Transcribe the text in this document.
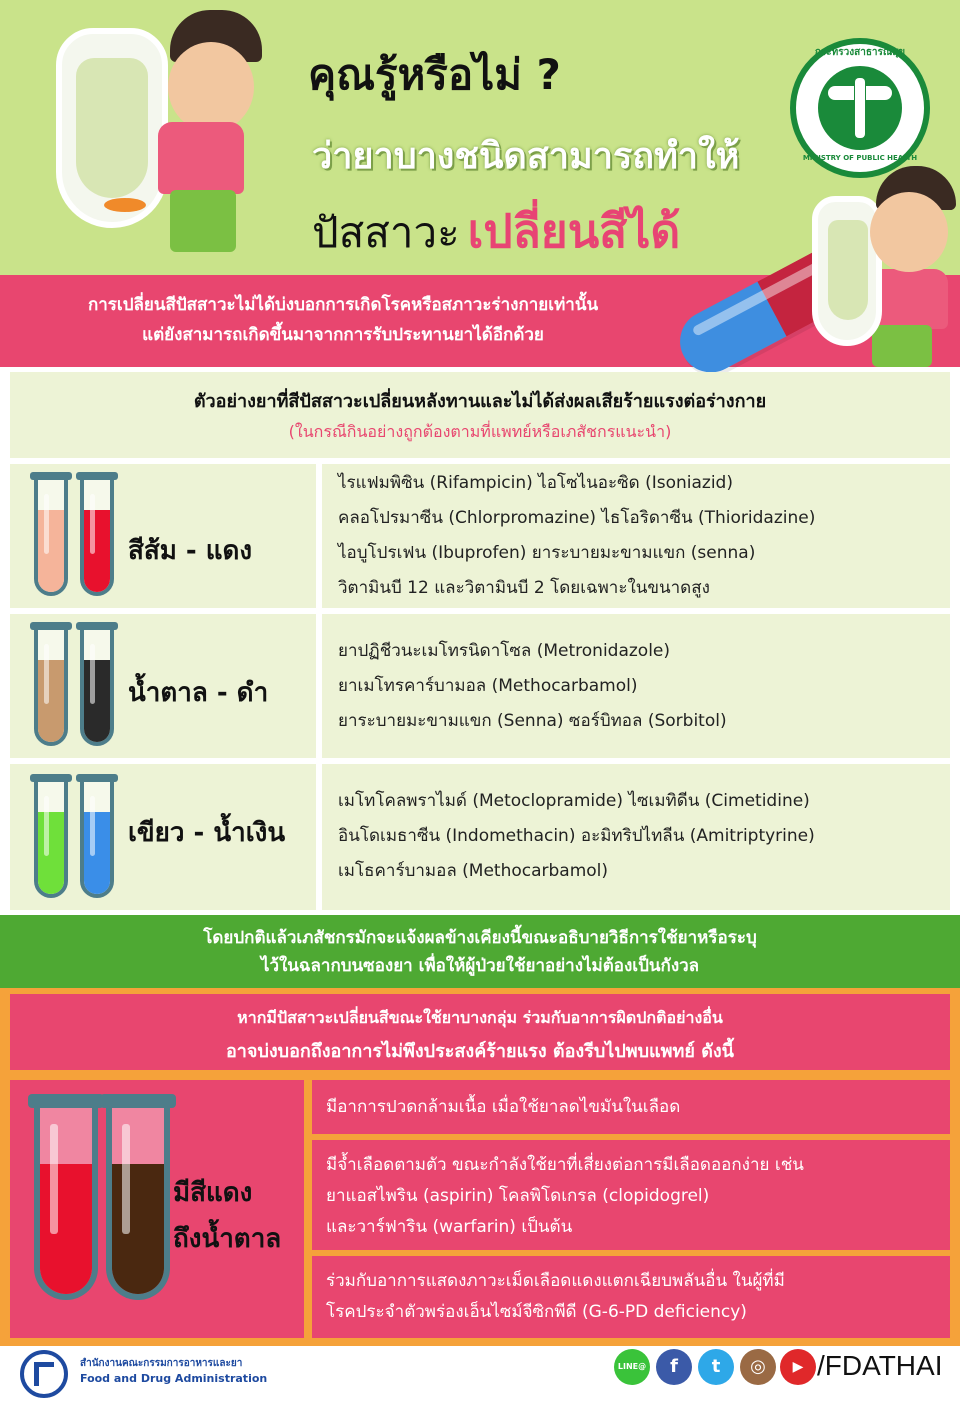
คุณรู้หรือไม่ ?
ว่ายาบางชนิดสามารถทำให้
ปัสสาวะ เปลี่ยนสีได้
กระทรวงสาธารณสุข
MINISTRY OF PUBLIC HEALTH
การเปลี่ยนสีปัสสาวะไม่ได้บ่งบอกการเกิดโรคหรือสภาวะร่างกายเท่านั้น
แต่ยังสามารถเกิดขึ้นมาจากการรับประทานยาได้อีกด้วย
ตัวอย่างยาที่สีปัสสาวะเปลี่ยนหลังทานและไม่ได้ส่งผลเสียร้ายแรงต่อร่างกาย
(ในกรณีกินอย่างถูกต้องตามที่แพทย์หรือเภสัชกรแนะนำ)
สีส้ม - แดง
ไรแฟมพิซิน (Rifampicin) ไอโซไนอะซิด (Isoniazid)
คลอโปรมาซีน (Chlorpromazine) ไธโอริดาซีน (Thioridazine)
ไอบูโปรเฟน (Ibuprofen) ยาระบายมะขามแขก (senna)
วิตามินบี 12 และวิตามินบี 2 โดยเฉพาะในขนาดสูง
น้ำตาล - ดำ
ยาปฏิชีวนะเมโทรนิดาโซล (Metronidazole)
ยาเมโทรคาร์บามอล (Methocarbamol)
ยาระบายมะขามแขก (Senna) ซอร์บิทอล (Sorbitol)
เขียว - น้ำเงิน
เมโทโคลพราไมด์ (Metoclopramide) ไซเมทิดีน (Cimetidine)
อินโดเมธาซีน (Indomethacin) อะมิทริปไทลีน (Amitriptyrine)
เมโธคาร์บามอล (Methocarbamol)
โดยปกติแล้วเภสัชกรมักจะแจ้งผลข้างเคียงนี้ขณะอธิบายวิธีการใช้ยาหรือระบุ
ไว้ในฉลากบนซองยา เพื่อให้ผู้ป่วยใช้ยาอย่างไม่ต้องเป็นกังวล
หากมีปัสสาวะเปลี่ยนสีขณะใช้ยาบางกลุ่ม ร่วมกับอาการผิดปกติอย่างอื่น
อาจบ่งบอกถึงอาการไม่พึงประสงค์ร้ายแรง ต้องรีบไปพบแพทย์ ดังนี้
มีสีแดง
ถึงน้ำตาล
มีอาการปวดกล้ามเนื้อ เมื่อใช้ยาลดไขมันในเลือด
มีจ้ำเลือดตามตัว ขณะกำลังใช้ยาที่เสี่ยงต่อการมีเลือดออกง่าย เช่น
ยาแอสไพริน (aspirin) โคลพิโดเกรล (clopidogrel)
และวาร์ฟาริน (warfarin) เป็นต้น
ร่วมกับอาการแสดงภาวะเม็ดเลือดแดงแตกเฉียบพลันอื่น ในผู้ที่มี
โรคประจำตัวพร่องเอ็นไซม์จีซิกพีดี (G-6-PD deficiency)
สำนักงานคณะกรรมการอาหารและยา
Food and Drug Administration
LINE@	f	t	◎	▶ /FDATHAI
